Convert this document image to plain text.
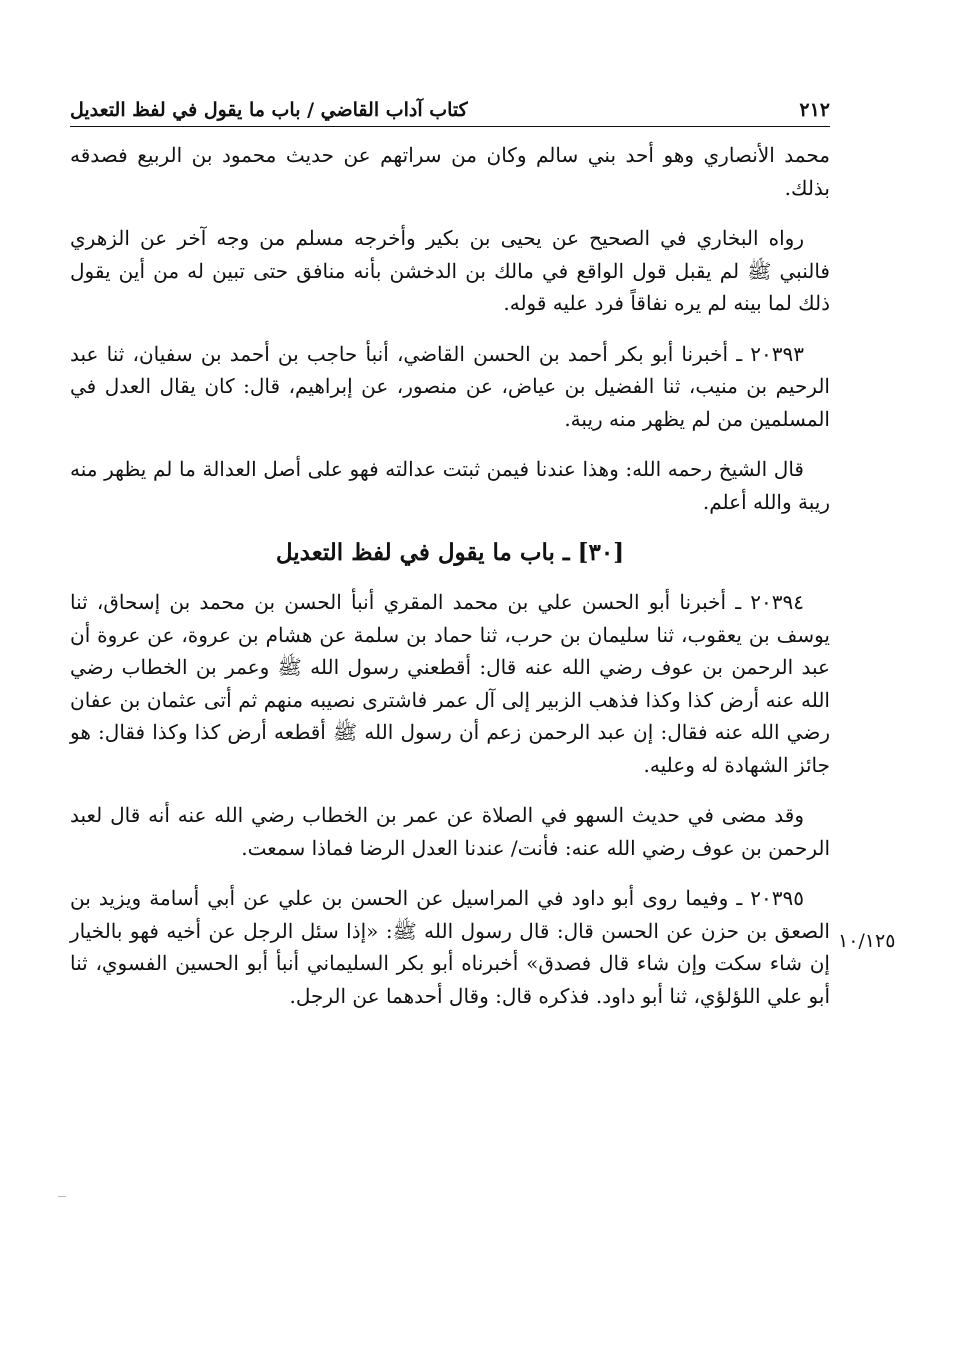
٢١٢
كتاب آداب القاضي / باب ما يقول في لفظ التعديل

محمد الأنصاري وهو أحد بني سالم وكان من سراتهم عن حديث محمود بن الربيع فصدقه بذلك.

رواه البخاري في الصحيح عن يحيى بن بكير وأخرجه مسلم من وجه آخر عن الزهري فالنبي ﷺ لم يقبل قول الواقع في مالك بن الدخشن بأنه منافق حتى تبين له من أين يقول ذلك لما بينه لم يره نفاقاً فرد عليه قوله.

٢٠٣٩٣ ـ أخبرنا أبو بكر أحمد بن الحسن القاضي، أنبأ حاجب بن أحمد بن سفيان، ثنا عبد الرحيم بن منيب، ثنا الفضيل بن عياض، عن منصور، عن إبراهيم، قال: كان يقال العدل في المسلمين من لم يظهر منه ريبة.

قال الشيخ رحمه الله: وهذا عندنا فيمن ثبتت عدالته فهو على أصل العدالة ما لم يظهر منه ريبة والله أعلم.

[٣٠] ـ باب ما يقول في لفظ التعديل

٢٠٣٩٤ ـ أخبرنا أبو الحسن علي بن محمد المقري أنبأ الحسن بن محمد بن إسحاق، ثنا يوسف بن يعقوب، ثنا سليمان بن حرب، ثنا حماد بن سلمة عن هشام بن عروة، عن عروة أن عبد الرحمن بن عوف رضي الله عنه قال: أقطعني رسول الله ﷺ وعمر بن الخطاب رضي الله عنه أرض كذا وكذا فذهب الزبير إلى آل عمر فاشترى نصيبه منهم ثم أتى عثمان بن عفان رضي الله عنه فقال: إن عبد الرحمن زعم أن رسول الله ﷺ أقطعه أرض كذا وكذا فقال: هو جائز الشهادة له وعليه.

وقد مضى في حديث السهو في الصلاة عن عمر بن الخطاب رضي الله عنه أنه قال لعبد الرحمن بن عوف رضي الله عنه: فأنت/ عندنا العدل الرضا فماذا سمعت.

٢٠٣٩٥ ـ وفيما روى أبو داود في المراسيل عن الحسن بن علي عن أبي أسامة ويزيد بن الصعق بن حزن عن الحسن قال: قال رسول الله ﷺ: «إذا سئل الرجل عن أخيه فهو بالخيار إن شاء سكت وإن شاء قال فصدق» أخبرناه أبو بكر السليماني أنبأ أبو الحسين الفسوي، ثنا أبو علي اللؤلؤي، ثنا أبو داود. فذكره قال: وقال أحدهما عن الرجل.

١٠/١٢٥
